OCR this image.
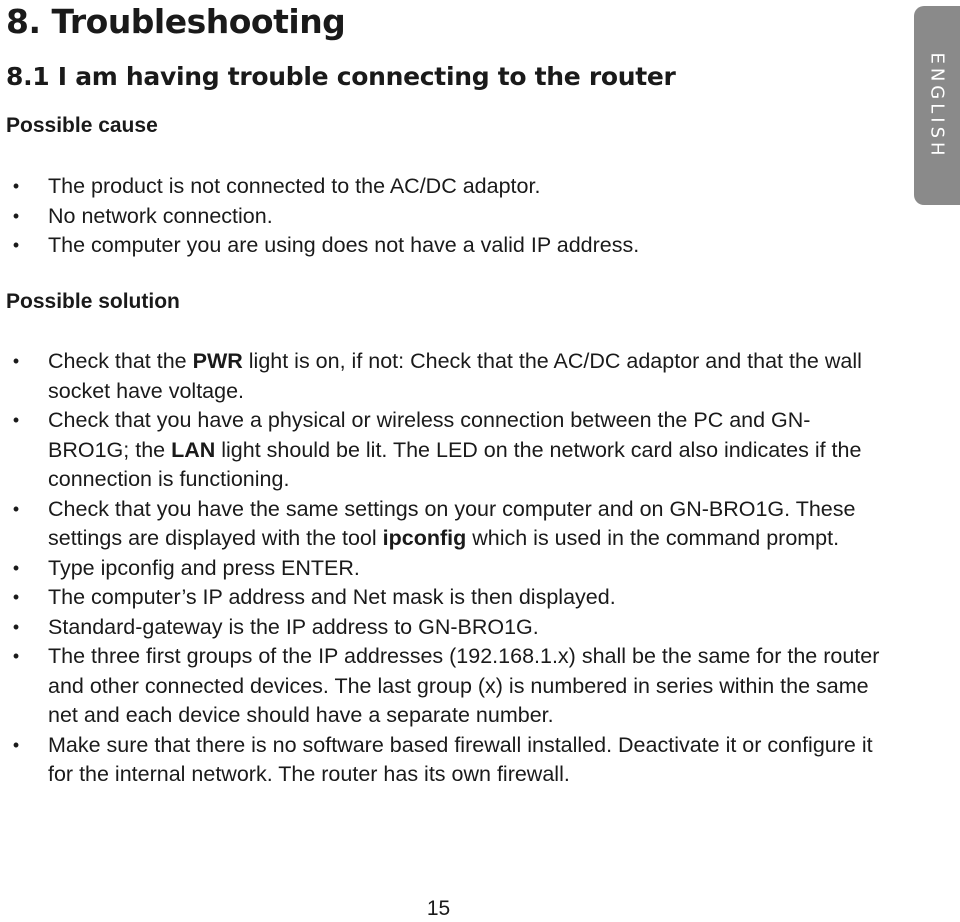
8. Troubleshooting
8.1 I am having trouble connecting to the router	ENGLISH
Possible cause
• The product is not connected to the AC/DC adaptor.
• No network connection.
• The computer you are using does not have a valid IP address.
Possible solution
• Check that the PWR light is on, if not: Check that the AC/DC adaptor and that the wall socket have voltage.
• Check that you have a physical or wireless connection between the PC and GN-BRO1G; the LAN light should be lit. The LED on the network card also indicates if the connection is functioning.
• Check that you have the same settings on your computer and on GN-BRO1G. These settings are displayed with the tool ipconfig which is used in the command prompt.
• Type ipconfig and press ENTER.
• The computer’s IP address and Net mask is then displayed.
• Standard-gateway is the IP address to GN-BRO1G.
• The three first groups of the IP addresses (192.168.1.x) shall be the same for the router and other connected devices. The last group (x) is numbered in series within the same net and each device should have a separate number.
• Make sure that there is no software based firewall installed. Deactivate it or configure it for the internal network. The router has its own firewall.
15
